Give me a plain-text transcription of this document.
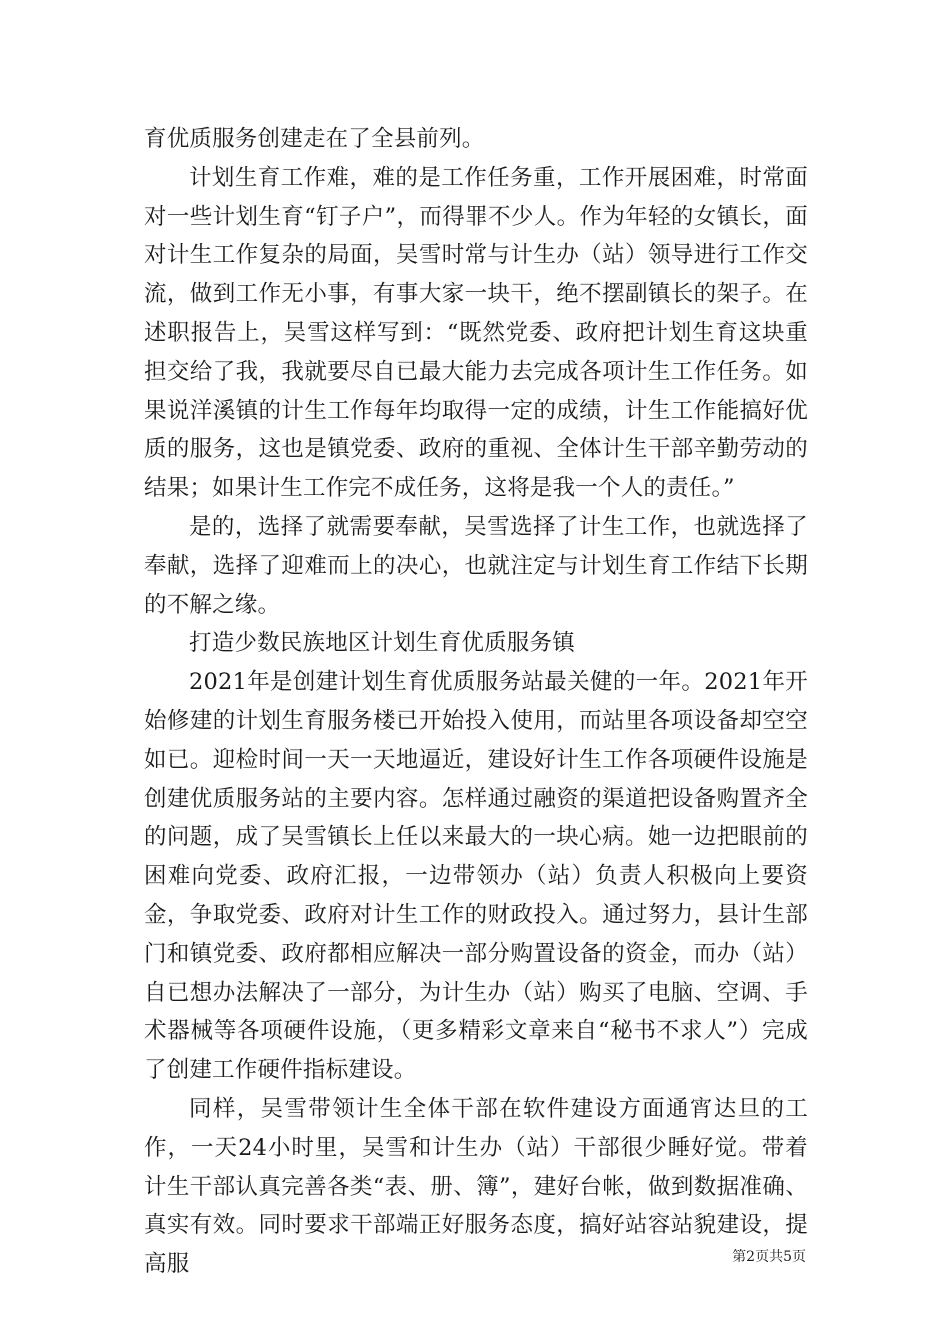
育优质服务创建走在了全县前列。

计划生育工作难，难的是工作任务重，工作开展困难，时常面对一些计划生育“钉子户”，而得罪不少人。作为年轻的女镇长，面对计生工作复杂的局面，吴雪时常与计生办（站）领导进行工作交流，做到工作无小事，有事大家一块干，绝不摆副镇长的架子。在述职报告上，吴雪这样写到：“既然党委、政府把计划生育这块重担交给了我，我就要尽自已最大能力去完成各项计生工作任务。如果说洋溪镇的计生工作每年均取得一定的成绩，计生工作能搞好优质的服务，这也是镇党委、政府的重视、全体计生干部辛勤劳动的结果；如果计生工作完不成任务，这将是我一个人的责任。”

是的，选择了就需要奉献，吴雪选择了计生工作，也就选择了奉献，选择了迎难而上的决心，也就注定与计划生育工作结下长期的不解之缘。

打造少数民族地区计划生育优质服务镇

2021年是创建计划生育优质服务站最关健的一年。2021年开始修建的计划生育服务楼已开始投入使用，而站里各项设备却空空如已。迎检时间一天一天地逼近，建设好计生工作各项硬件设施是创建优质服务站的主要内容。怎样通过融资的渠道把设备购置齐全的问题，成了吴雪镇长上任以来最大的一块心病。她一边把眼前的困难向党委、政府汇报，一边带领办（站）负责人积极向上要资金，争取党委、政府对计生工作的财政投入。通过努力，县计生部门和镇党委、政府都相应解决一部分购置设备的资金，而办（站）自已想办法解决了一部分，为计生办（站）购买了电脑、空调、手术器械等各项硬件设施，（更多精彩文章来自“秘书不求人”）完成了创建工作硬件指标建设。

同样，吴雪带领计生全体干部在软件建设方面通宵达旦的工作，一天24小时里，吴雪和计生办（站）干部很少睡好觉。带着计生干部认真完善各类“表、册、簿”，建好台帐，做到数据准确、真实有效。同时要求干部端正好服务态度，搞好站容站貌建设，提高服	第2页共5页
